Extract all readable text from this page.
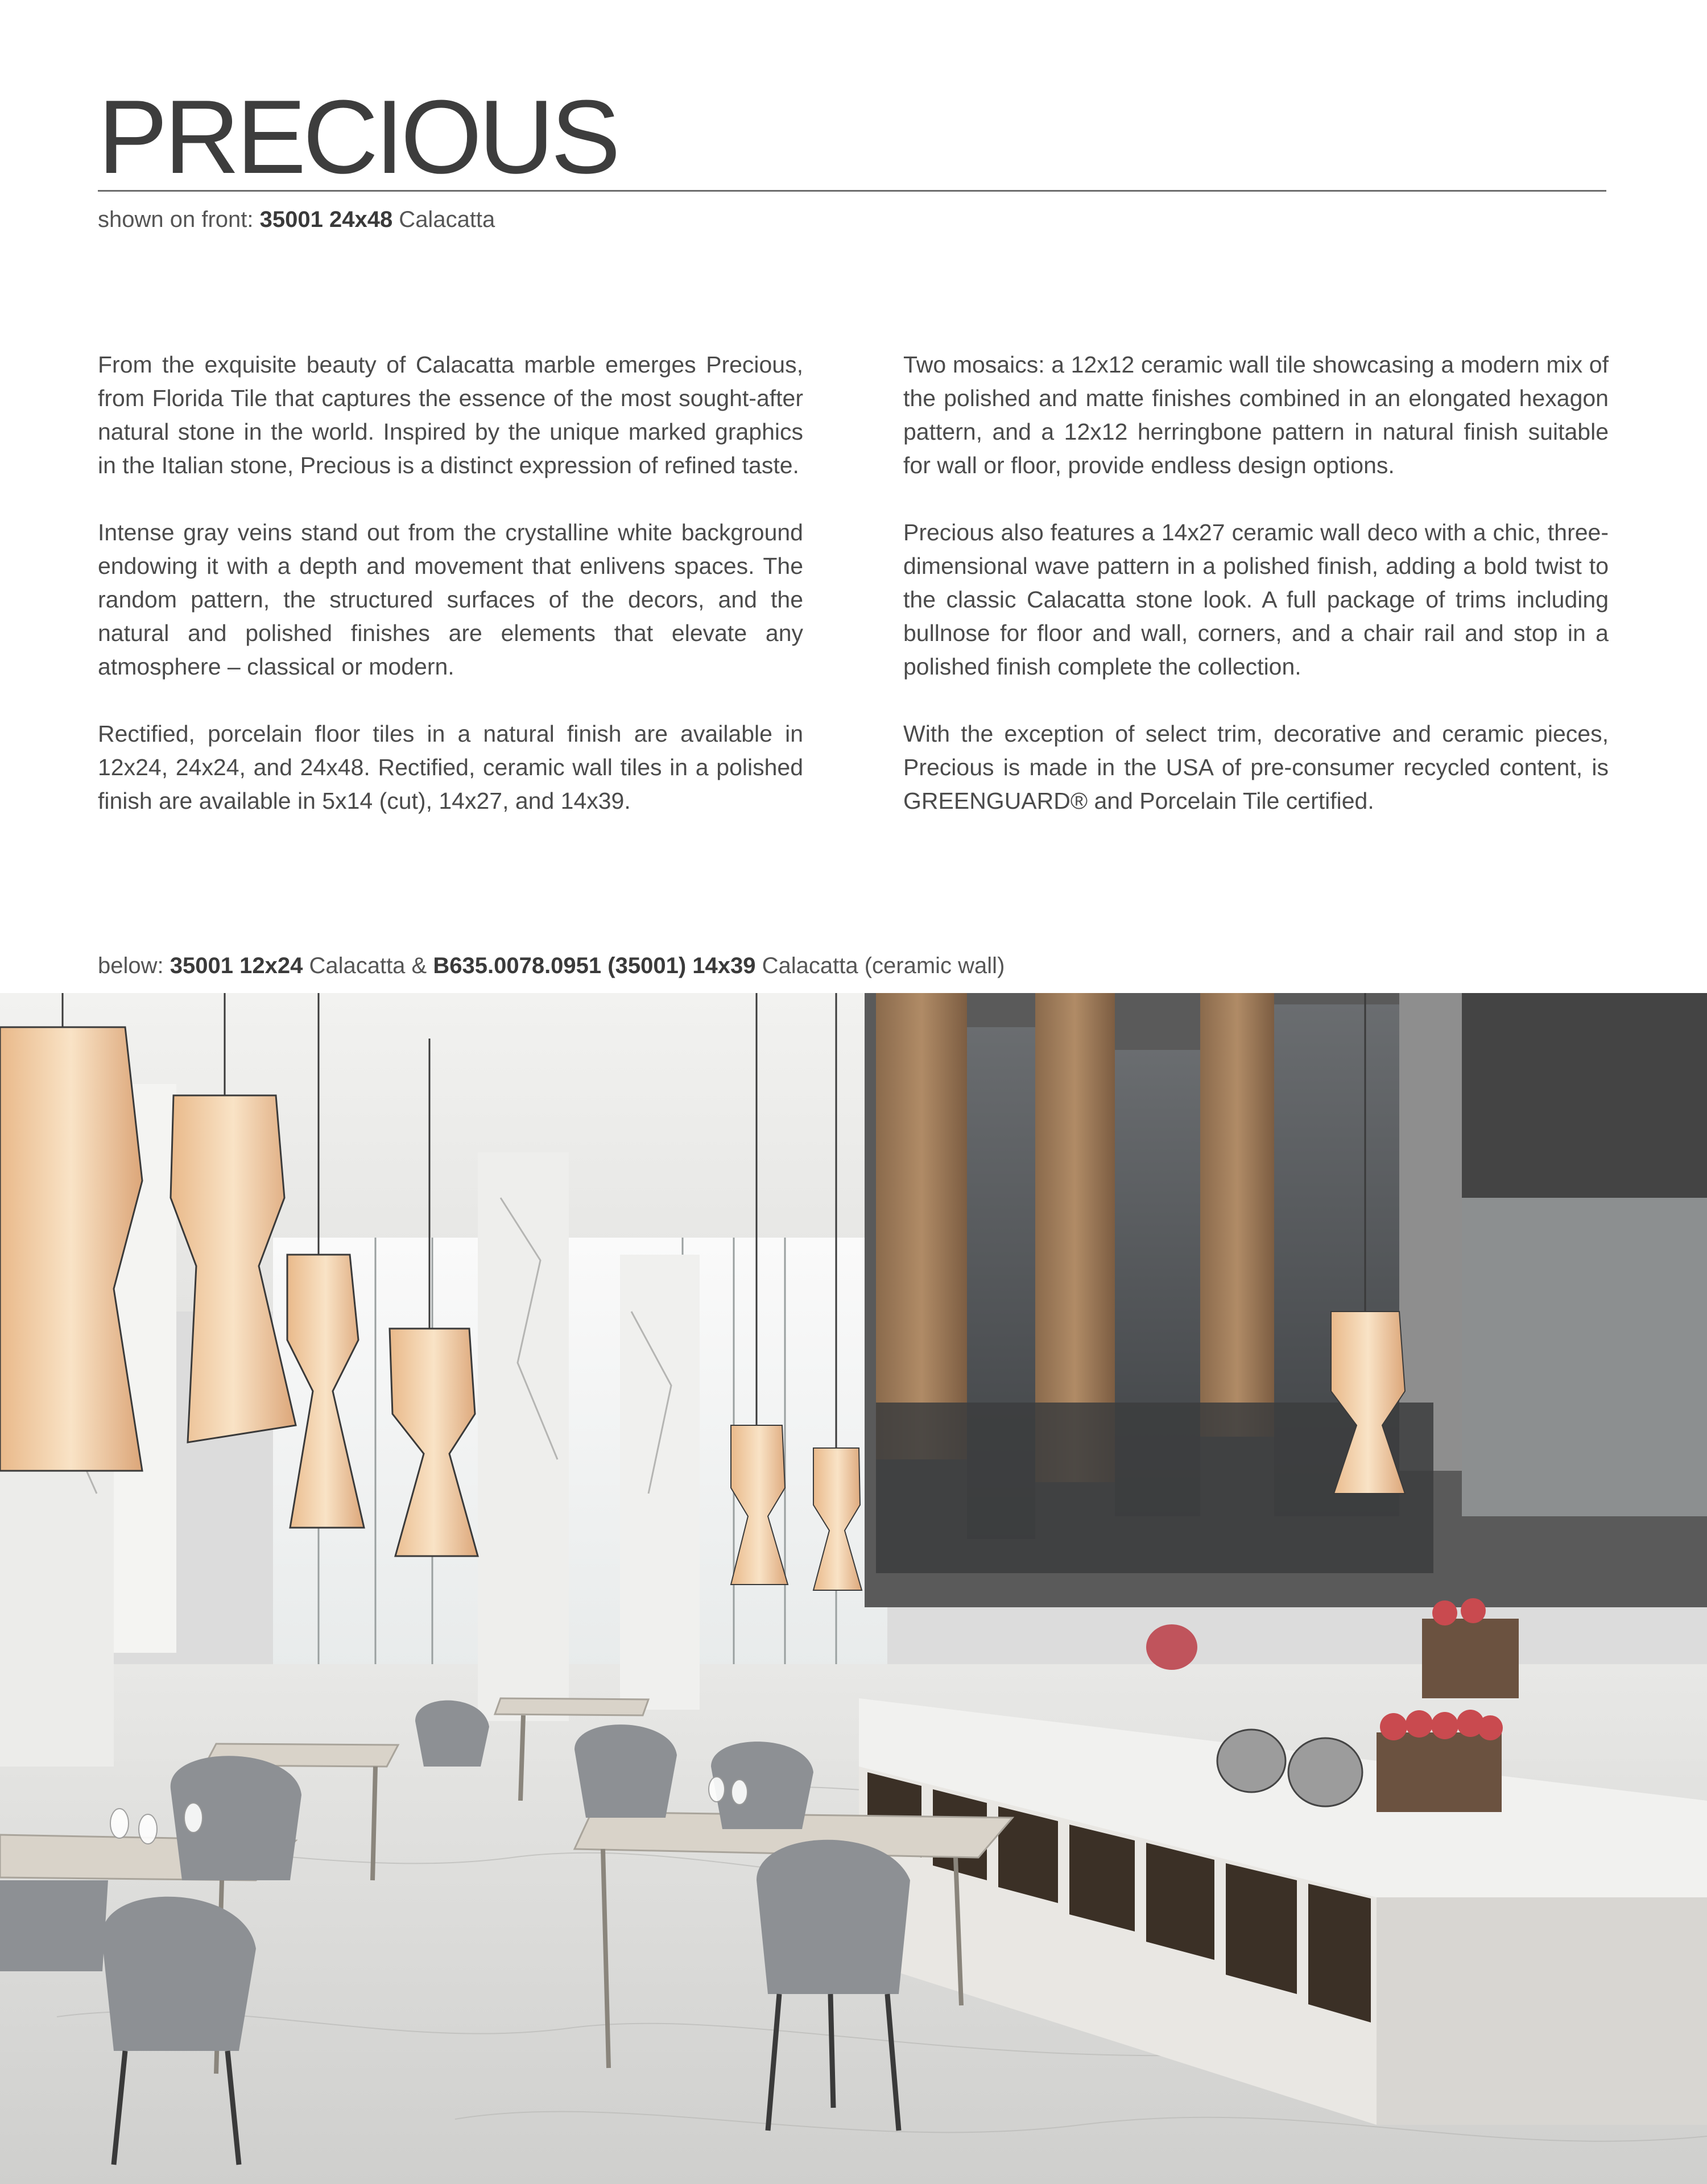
PRECIOUS
shown on front: 35001 24x48 Calacatta

From the exquisite beauty of Calacatta marble emerges Precious, from Florida Tile that captures the essence of the most sought-after natural stone in the world. Inspired by the unique marked graphics in the Italian stone, Precious is a distinct expression of refined taste.

Intense gray veins stand out from the crystalline white background endowing it with a depth and movement that enlivens spaces. The random pattern, the structured surfaces of the decors, and the natural and polished finishes are elements that elevate any atmosphere – classical or modern.

Rectified, porcelain floor tiles in a natural finish are available in 12x24, 24x24, and 24x48. Rectified, ceramic wall tiles in a polished finish are available in 5x14 (cut), 14x27, and 14x39.

Two mosaics: a 12x12 ceramic wall tile showcasing a modern mix of the polished and matte finishes combined in an elongated hexagon pattern, and a 12x12 herringbone pattern in natural finish suitable for wall or floor, provide endless design options.

Precious also features a 14x27 ceramic wall deco with a chic, three-dimensional wave pattern in a polished finish, adding a bold twist to the classic Calacatta stone look. A full package of trims including bullnose for floor and wall, corners, and a chair rail and stop in a polished finish complete the collection.

With the exception of select trim, decorative and ceramic pieces, Precious is made in the USA of pre-consumer recycled content, is GREENGUARD® and Porcelain Tile certified.

below: 35001 12x24 Calacatta & B635.0078.0951 (35001) 14x39 Calacatta (ceramic wall)
